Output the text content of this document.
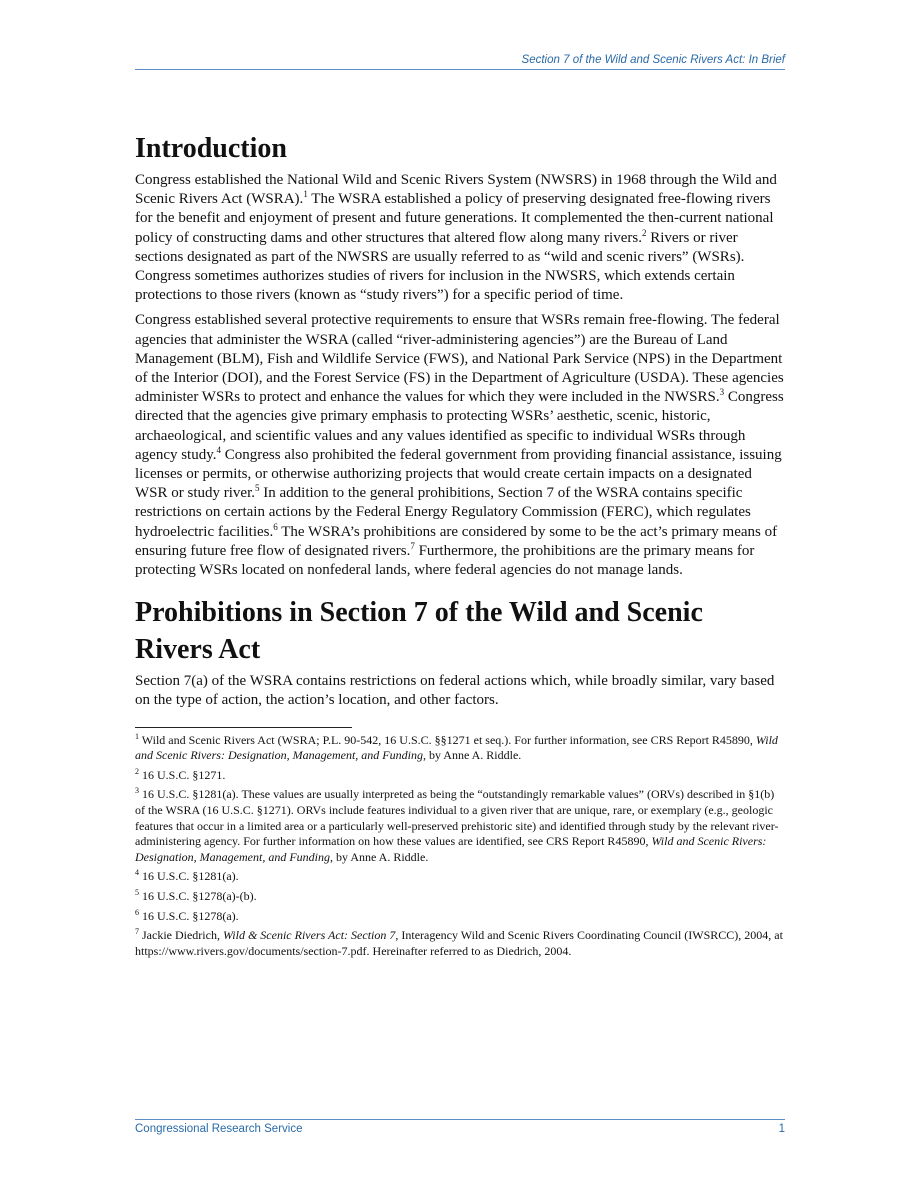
Section 7 of the Wild and Scenic Rivers Act: In Brief
Introduction

Congress established the National Wild and Scenic Rivers System (NWSRS) in 1968 through the Wild and Scenic Rivers Act (WSRA).$^1$ The WSRA established a policy of preserving designated free-flowing rivers for the benefit and enjoyment of present and future generations. It complemented the then-current national policy of constructing dams and other structures that altered flow along many rivers.$^2$ Rivers or river sections designated as part of the NWSRS are usually referred to as “wild and scenic rivers” (WSRs). Congress sometimes authorizes studies of rivers for inclusion in the NWSRS, which extends certain protections to those rivers (known as “study rivers”) for a specific period of time.

Congress established several protective requirements to ensure that WSRs remain free-flowing. The federal agencies that administer the WSRA (called “river-administering agencies”) are the Bureau of Land Management (BLM), Fish and Wildlife Service (FWS), and National Park Service (NPS) in the Department of the Interior (DOI), and the Forest Service (FS) in the Department of Agriculture (USDA). These agencies administer WSRs to protect and enhance the values for which they were included in the NWSRS.$^3$ Congress directed that the agencies give primary emphasis to protecting WSRs’ aesthetic, scenic, historic, archaeological, and scientific values and any values identified as specific to individual WSRs through agency study.$^4$ Congress also prohibited the federal government from providing financial assistance, issuing licenses or permits, or otherwise authorizing projects that would create certain impacts on a designated WSR or study river.$^5$ In addition to the general prohibitions, Section 7 of the WSRA contains specific restrictions on certain actions by the Federal Energy Regulatory Commission (FERC), which regulates hydroelectric facilities.$^6$ The WSRA’s prohibitions are considered by some to be the act’s primary means of ensuring future free flow of designated rivers.$^7$ Furthermore, the prohibitions are the primary means for protecting WSRs located on nonfederal lands, where federal agencies do not manage lands.

Prohibitions in Section 7 of the Wild and Scenic Rivers Act

Section 7(a) of the WSRA contains restrictions on federal actions which, while broadly similar, vary based on the type of action, the action’s location, and other factors.

$^1$ Wild and Scenic Rivers Act (WSRA; P.L. 90-542, 16 U.S.C. §§1271 et seq.). For further information, see CRS Report R45890, Wild and Scenic Rivers: Designation, Management, and Funding, by Anne A. Riddle.

$^2$ 16 U.S.C. §1271.

$^3$ 16 U.S.C. §1281(a). These values are usually interpreted as being the “outstandingly remarkable values” (ORVs) described in §1(b) of the WSRA (16 U.S.C. §1271). ORVs include features individual to a given river that are unique, rare, or exemplary (e.g., geologic features that occur in a limited area or a particularly well-preserved prehistoric site) and identified through study by the relevant river-administering agency. For further information on how these values are identified, see CRS Report R45890, Wild and Scenic Rivers: Designation, Management, and Funding, by Anne A. Riddle.

$^4$ 16 U.S.C. §1281(a).

$^5$ 16 U.S.C. §1278(a)-(b).

$^6$ 16 U.S.C. §1278(a).

$^7$ Jackie Diedrich, Wild & Scenic Rivers Act: Section 7, Interagency Wild and Scenic Rivers Coordinating Council (IWSRCC), 2004, at https://www.rivers.gov/documents/section-7.pdf. Hereinafter referred to as Diedrich, 2004.

Congressional Research Service	1
